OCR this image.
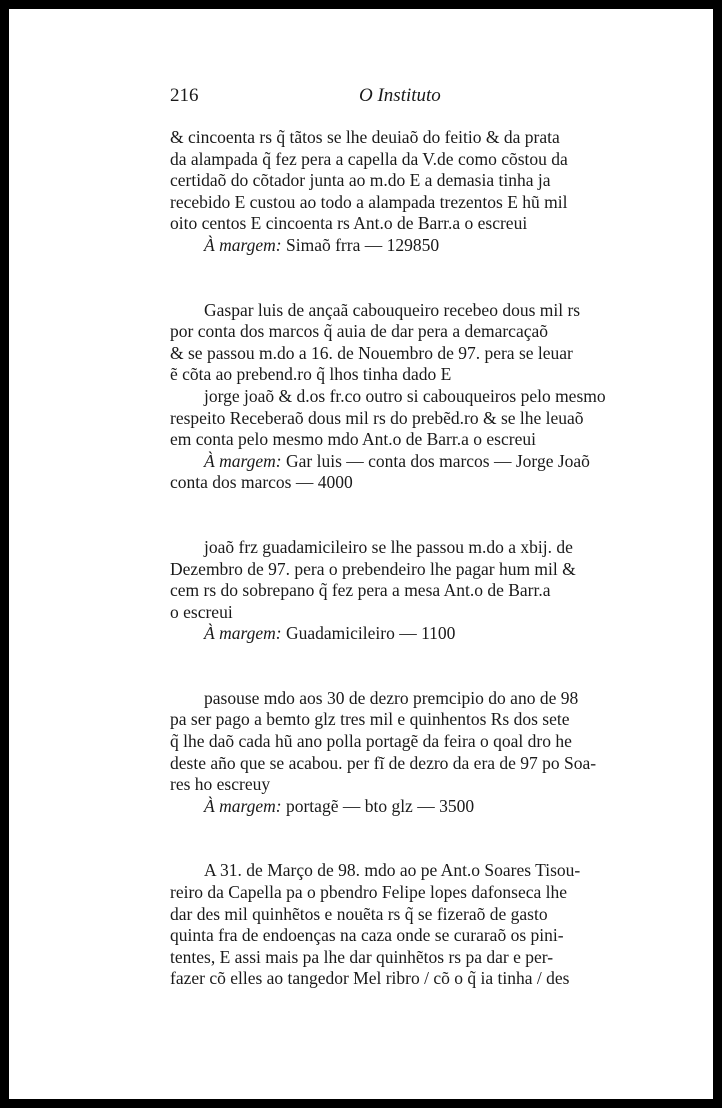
216	O Instituto

& cincoenta rs q̃ tãtos se lhe deuiaõ do feitio & da prata

da alampada q̃ fez pera a capella da V.de como cõstou da

certidaõ do cõtador junta ao m.do E a demasia tinha ja

recebido E custou ao todo a alampada trezentos E hũ mil

oito centos E cincoenta rs Ant.o de Barr.a o escreui

À margem: Simaõ frra — 129850

Gaspar luis de ançaã cabouqueiro recebeo dous mil rs

por conta dos marcos q̃ auia de dar pera a demarcaçaõ

& se passou m.do a 16. de Nouembro de 97. pera se leuar

ẽ cõta ao prebend.ro q̃ lhos tinha dado E

jorge joaõ & d.os fr.co outro si cabouqueiros pelo mesmo

respeito Receberaõ dous mil rs do prebẽd.ro & se lhe leuaõ

em conta pelo mesmo mdo Ant.o de Barr.a o escreui

À margem: Gar luis — conta dos marcos — Jorge Joaõ

conta dos marcos — 4000

joaõ frz guadamicileiro se lhe passou m.do a xbij. de

Dezembro de 97. pera o prebendeiro lhe pagar hum mil &

cem rs do sobrepano q̃ fez pera a mesa Ant.o de Barr.a

o escreui

À margem: Guadamicileiro — 1100

pasouse mdo aos 30 de dezro premcipio do ano de 98

pa ser pago a bemto glz tres mil e quinhentos Rs dos sete

q̃ lhe daõ cada hũ ano polla portagẽ da feira o qoal dro he

deste año que se acabou. per fĩ de dezro da era de 97 po Soa-

res ho escreuy

À margem: portagẽ — bto glz — 3500

A 31. de Março de 98. mdo ao pe Ant.o Soares Tisou-

reiro da Capella pa o pbendro Felipe lopes dafonseca lhe

dar des mil quinhẽtos e nouẽta rs q̃ se fizeraõ de gasto

quinta fra de endoenças na caza onde se curaraõ os pini-

tentes, E assi mais pa lhe dar quinhẽtos rs pa dar e per-

fazer cõ elles ao tangedor Mel ribro / cõ o q̃ ia tinha / des
